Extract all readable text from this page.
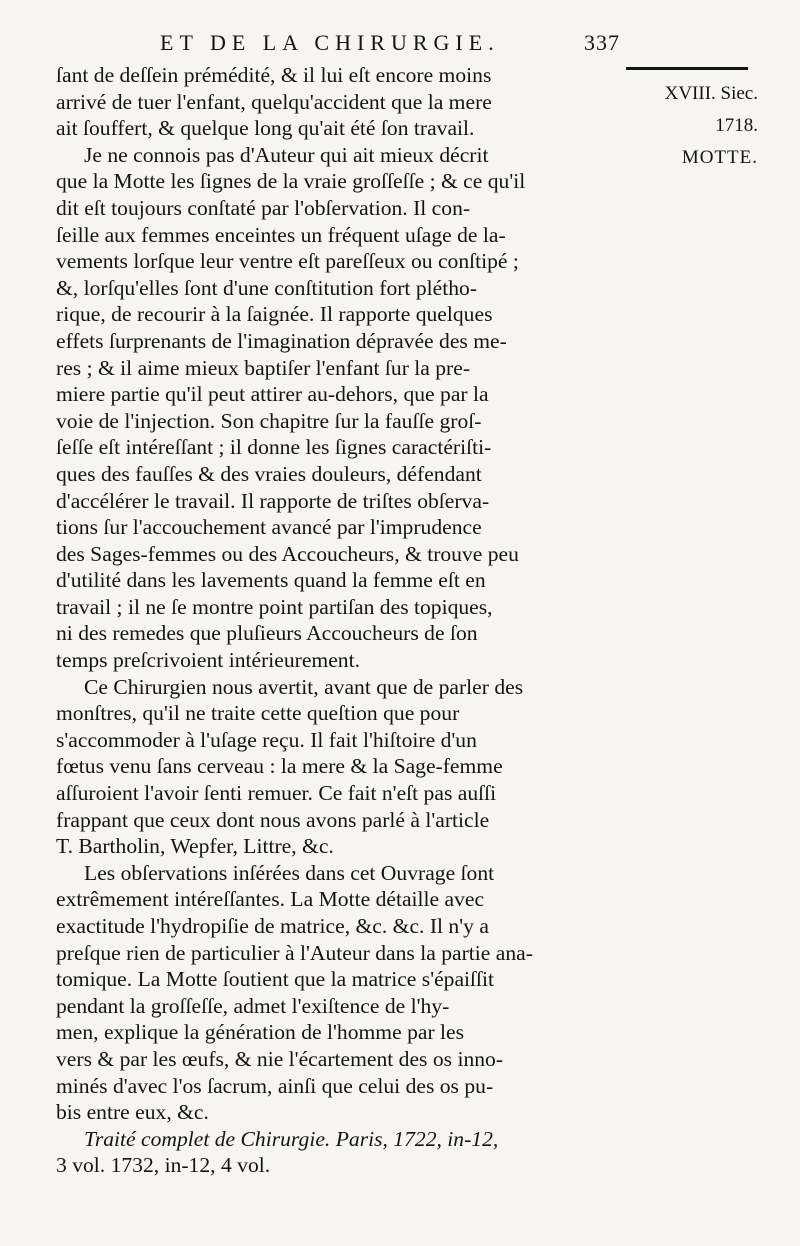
ET DE LA CHIRURGIE.	337
XVIII. Siec.
1718.
MOTTE.
ſant de deſſein prémédité, & il lui eſt encore moins
arrivé de tuer l'enfant, quelqu'accident que la mere
ait ſouffert, & quelque long qu'ait été ſon travail.
Je ne connois pas d'Auteur qui ait mieux décrit
que la Motte les ſignes de la vraie groſſeſſe ; & ce qu'il
dit eſt toujours conſtaté par l'obſervation. Il con-
ſeille aux femmes enceintes un fréquent uſage de la-
vements lorſque leur ventre eſt pareſſeux ou conſtipé ;
&, lorſqu'elles ſont d'une conſtitution fort plétho-
rique, de recourir à la ſaignée. Il rapporte quelques
effets ſurprenants de l'imagination dépravée des me-
res ; & il aime mieux baptiſer l'enfant ſur la pre-
miere partie qu'il peut attirer au-dehors, que par la
voie de l'injection. Son chapitre ſur la fauſſe groſ-
ſeſſe eſt intéreſſant ; il donne les ſignes caractériſti-
ques des fauſſes & des vraies douleurs, défendant
d'accélérer le travail. Il rapporte de triſtes obſerva-
tions ſur l'accouchement avancé par l'imprudence
des Sages-femmes ou des Accoucheurs, & trouve peu
d'utilité dans les lavements quand la femme eſt en
travail ; il ne ſe montre point partiſan des topiques,
ni des remedes que pluſieurs Accoucheurs de ſon
temps preſcrivoient intérieurement.
Ce Chirurgien nous avertit, avant que de parler des
monſtres, qu'il ne traite cette queſtion que pour
s'accommoder à l'uſage reçu. Il fait l'hiſtoire d'un
fœtus venu ſans cerveau : la mere & la Sage-femme
aſſuroient l'avoir ſenti remuer. Ce fait n'eſt pas auſſi
frappant que ceux dont nous avons parlé à l'article
T. Bartholin, Wepfer, Littre, &c.
Les obſervations inſérées dans cet Ouvrage ſont
extrêmement intéreſſantes. La Motte détaille avec
exactitude l'hydropiſie de matrice, &c. &c. Il n'y a
preſque rien de particulier à l'Auteur dans la partie ana-
tomique. La Motte ſoutient que la matrice s'épaiſſit
pendant la groſſeſſe, admet l'exiſtence de l'hy-
men, explique la génération de l'homme par les
vers & par les œufs, & nie l'écartement des os inno-
minés d'avec l'os ſacrum, ainſi que celui des os pu-
bis entre eux, &c.
Traité complet de Chirurgie. Paris, 1722, in-12,
3 vol. 1732, in-12, 4 vol.
